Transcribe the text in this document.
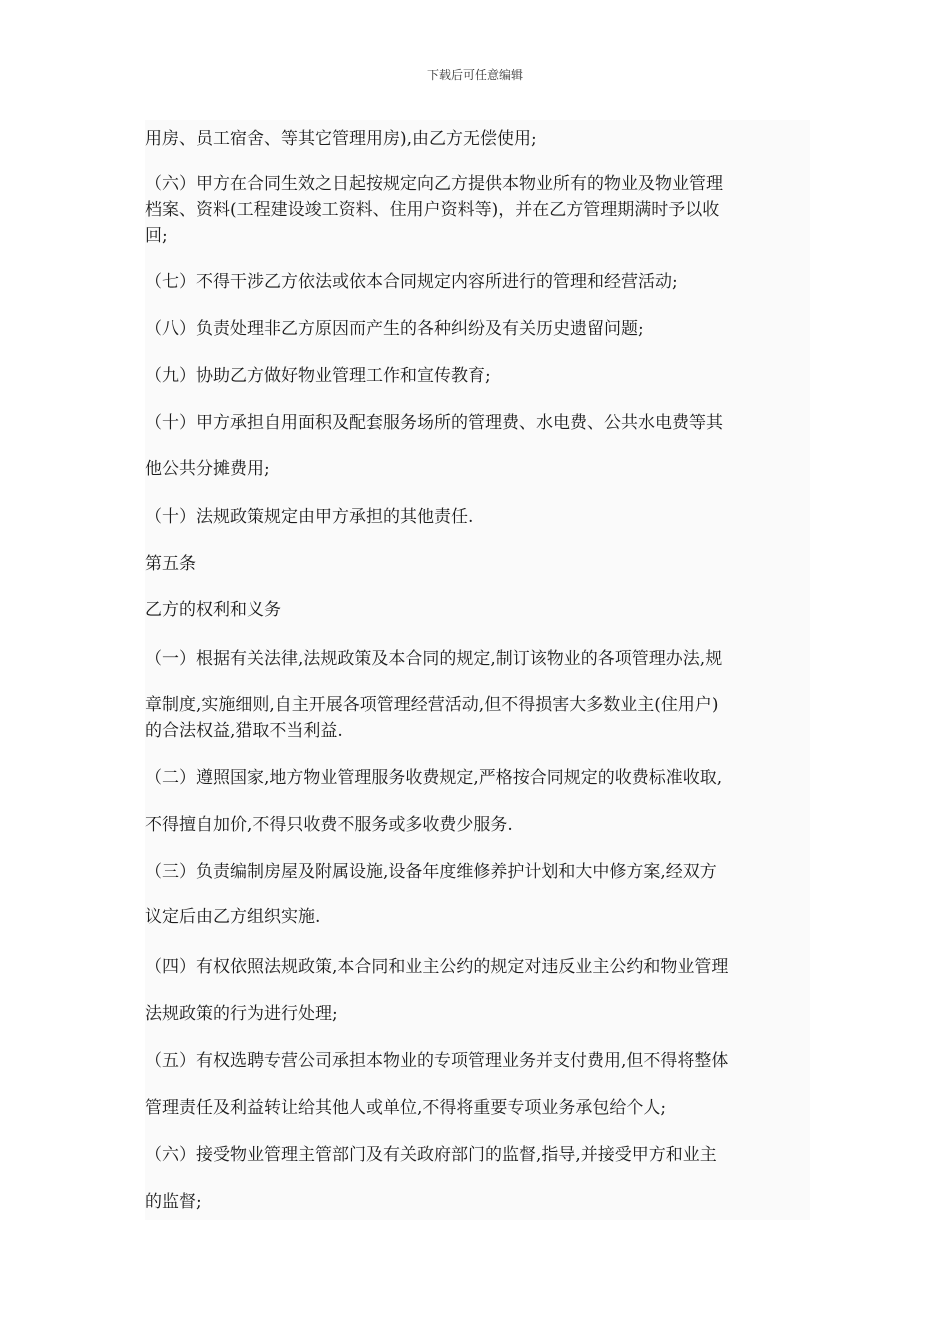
下载后可任意编辑
用房、员工宿舍、等其它管理用房),由乙方无偿使用;
（六）甲方在合同生效之日起按规定向乙方提供本物业所有的物业及物业管理
档案、资料(工程建设竣工资料、住用户资料等)，并在乙方管理期满时予以收
回;
（七）不得干涉乙方依法或依本合同规定内容所进行的管理和经营活动;
（八）负责处理非乙方原因而产生的各种纠纷及有关历史遗留问题;
（九）协助乙方做好物业管理工作和宣传教育;
（十）甲方承担自用面积及配套服务场所的管理费、水电费、公共水电费等其
他公共分摊费用;
（十）法规政策规定由甲方承担的其他责任.
第五条
乙方的权利和义务
（一）根据有关法律,法规政策及本合同的规定,制订该物业的各项管理办法,规
章制度,实施细则,自主开展各项管理经营活动,但不得损害大多数业主(住用户)
的合法权益,猎取不当利益.
（二）遵照国家,地方物业管理服务收费规定,严格按合同规定的收费标准收取,
不得擅自加价,不得只收费不服务或多收费少服务.
（三）负责编制房屋及附属设施,设备年度维修养护计划和大中修方案,经双方
议定后由乙方组织实施.
（四）有权依照法规政策,本合同和业主公约的规定对违反业主公约和物业管理
法规政策的行为进行处理;
（五）有权选聘专营公司承担本物业的专项管理业务并支付费用,但不得将整体
管理责任及利益转让给其他人或单位,不得将重要专项业务承包给个人;
（六）接受物业管理主管部门及有关政府部门的监督,指导,并接受甲方和业主
的监督;
